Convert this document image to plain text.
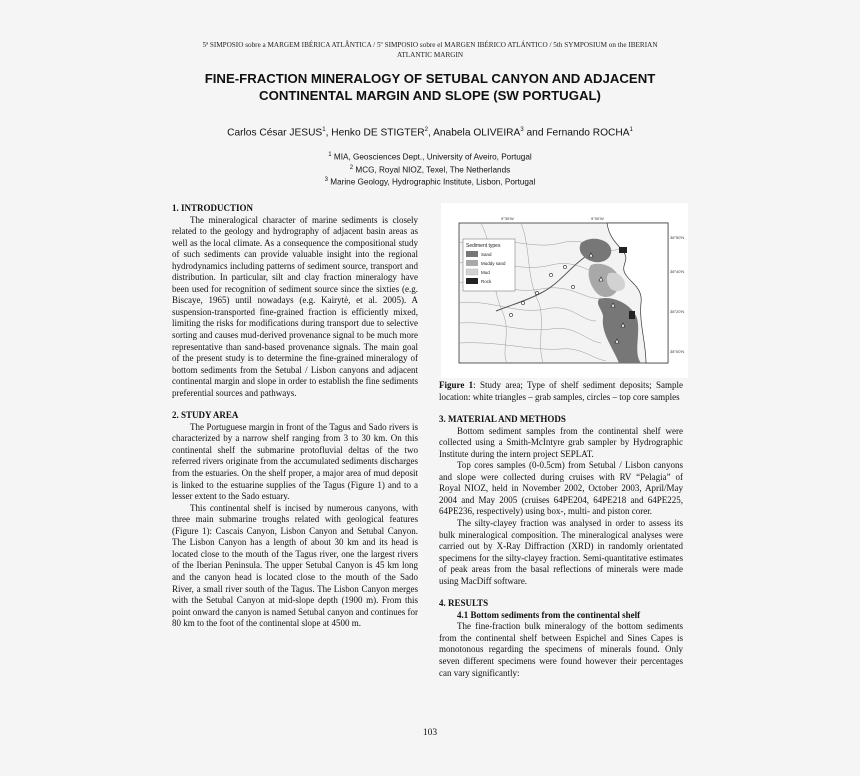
5ª SIMPOSIO sobre a MARGEM IBÉRICA ATLÂNTICA / 5º SIMPOSIO sobre el MARGEN IBÉRICO ATLÁNTICO / 5th SYMPOSIUM on the IBERIAN
ATLANTIC MARGIN
FINE-FRACTION MINERALOGY OF SETUBAL CANYON AND ADJACENT
CONTINENTAL MARGIN AND SLOPE (SW PORTUGAL)
Carlos César JESUS$^1$, Henko DE STIGTER$^2$, Anabela OLIVEIRA$^3$ and Fernando ROCHA$^1$
$^1$ MIA, Geosciences Dept., University of Aveiro, Portugal
$^2$ MCG, Royal NIOZ, Texel, The Netherlands
$^3$ Marine Geology, Hydrographic Institute, Lisbon, Portugal
1. INTRODUCTION

The mineralogical character of marine sediments is closely related to the geology and hydrography of adjacent basin areas as well as the local climate. As a consequence the compositional study of such sediments can provide valuable insight into the regional hydrodynamics including patterns of sediment source, transport and distribution. In particular, silt and clay fraction mineralogy have been used for recognition of sediment source since the sixties (e.g. Biscaye, 1965) until nowadays (e.g. Kairytė, et al. 2005). A suspension-transported fine-grained fraction is efficiently mixed, limiting the risks for modifications during transport due to selective sorting and causes mud-derived provenance signal to be much more representative than sand-based provenance signals. The main goal of the present study is to determine the fine-grained mineralogy of bottom sediments from the Setubal / Lisbon canyons and adjacent continental margin and slope in order to establish the fine sediments preferential sources and pathways.

2. STUDY AREA

The Portuguese margin in front of the Tagus and Sado rivers is characterized by a narrow shelf ranging from 3 to 30 km. On this continental shelf the submarine protofluvial deltas of the two referred rivers originate from the accumulated sediments discharges from the estuaries. On the shelf proper, a major area of mud deposit is linked to the estuarine supplies of the Tagus (Figure 1) and to a lesser extent to the Sado estuary.

This continental shelf is incised by numerous canyons, with three main submarine troughs related with geological features (Figure 1): Cascais Canyon, Lisbon Canyon and Setubal Canyon. The Lisbon Canyon has a length of about 30 km and its head is located close to the mouth of the Tagus river, one the largest rivers of the Iberian Peninsula. The upper Setubal Canyon is 45 km long and the canyon head is located close to the mouth of the Sado River, a small river south of the Tagus. The Lisbon Canyon merges with the Setubal Canyon at mid-slope depth (1900 m). From this point onward the canyon is named Setubal canyon and continues for 80 km to the foot of the continental slope at 4500 m.

Sediment types
Sand
Muddy sand
Mud
Rock
9°30'W	9°00'W
38°50'N
38°40'N
38°20'N
38°00'N

Figure 1: Study area; Type of shelf sediment deposits; Sample location: white triangles – grab samples, circles – top core samples

3. MATERIAL AND METHODS

Bottom sediment samples from the continental shelf were collected using a Smith-McIntyre grab sampler by Hydrographic Institute during the intern project SEPLAT.

Top cores samples (0-0.5cm) from Setubal / Lisbon canyons and slope were collected during cruises with RV “Pelagia” of Royal NIOZ, held in November 2002, October 2003, April/May 2004 and May 2005 (cruises 64PE204, 64PE218 and 64PE225, 64PE236, respectively) using box-, multi- and piston corer.

The silty-clayey fraction was analysed in order to assess its bulk mineralogical composition. The mineralogical analyses were carried out by X-Ray Diffraction (XRD) in randomly orientated specimens for the silty-clayey fraction. Semi-quantitative estimates of peak areas from the basal reflections of minerals were made using MacDiff software.

4. RESULTS
4.1 Bottom sediments from the continental shelf

The fine-fraction bulk mineralogy of the bottom sediments from the continental shelf between Espichel and Sines Capes is monotonous regarding the specimens of minerals found. Only seven different specimens were found however their percentages can vary significantly:

103
